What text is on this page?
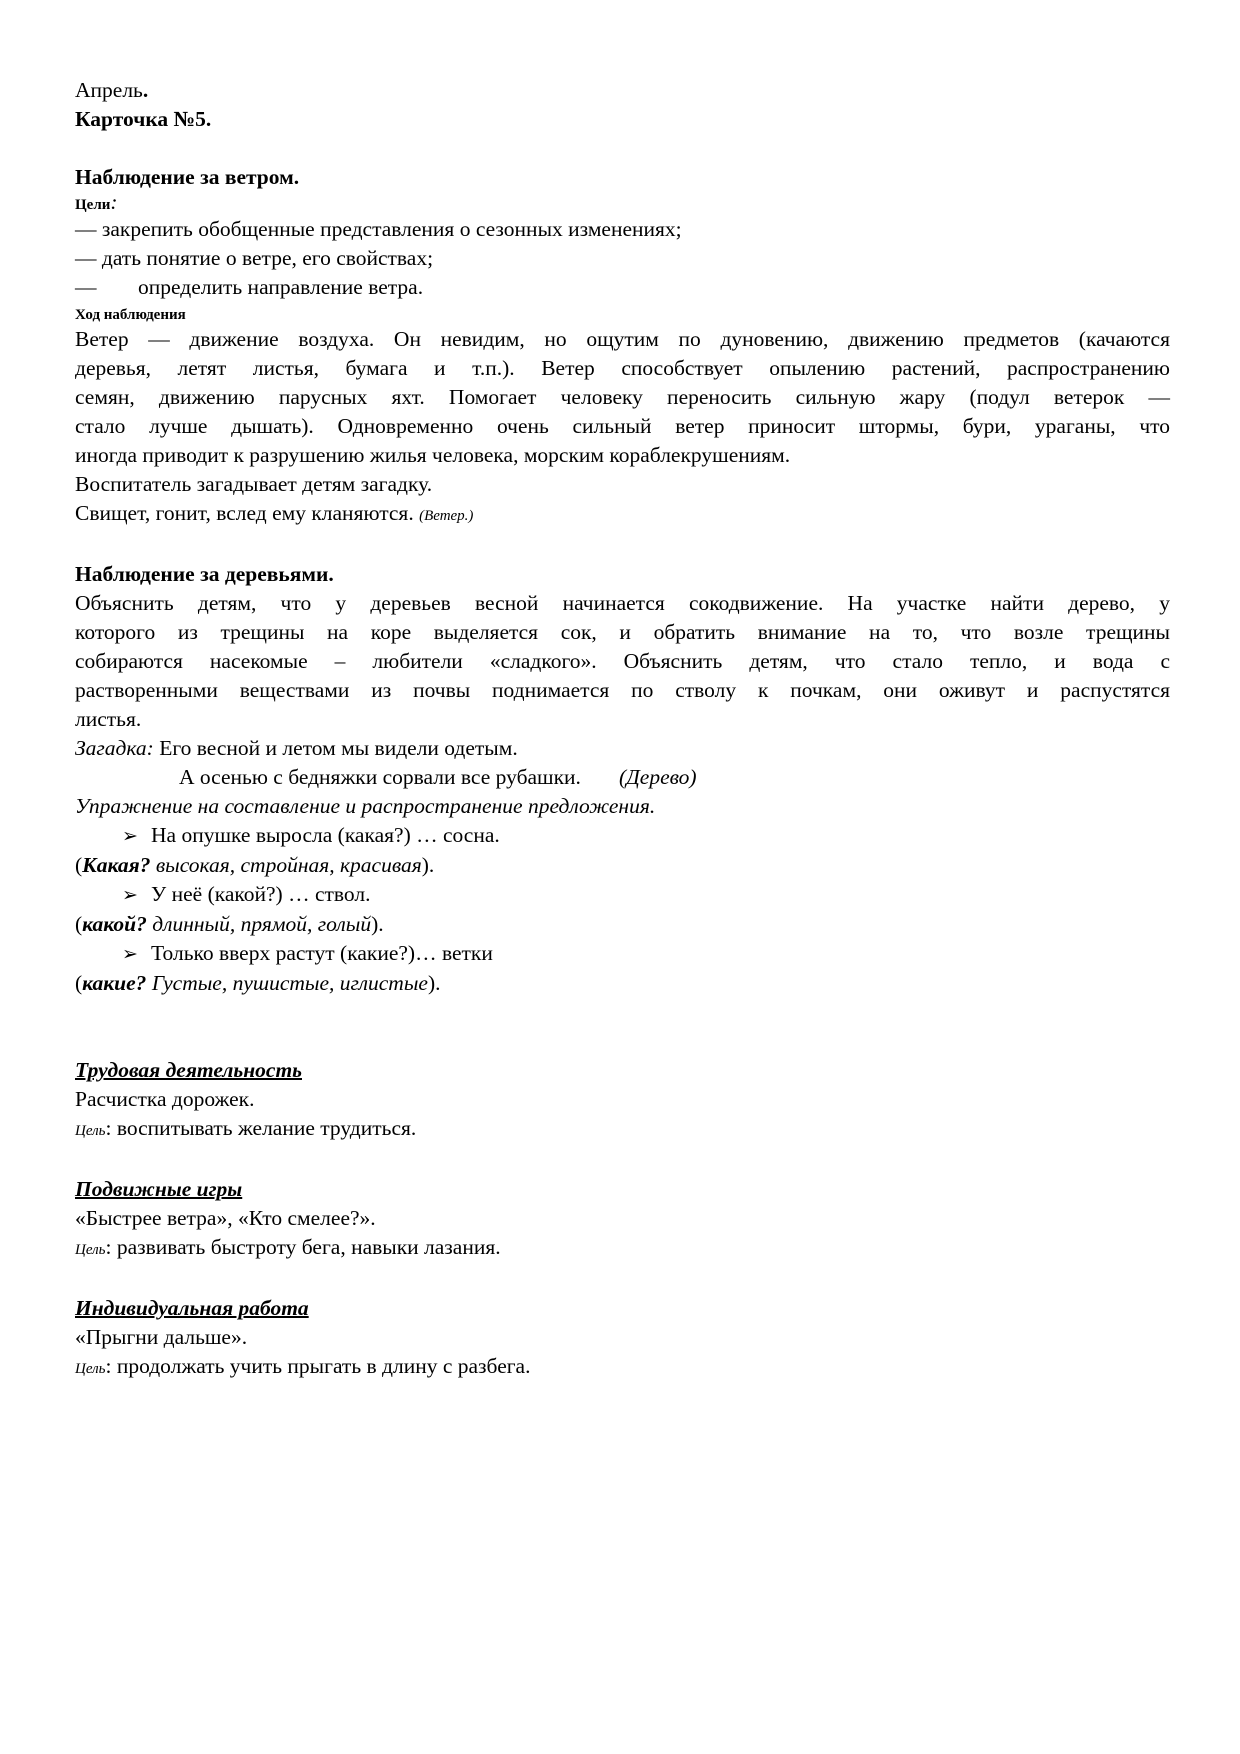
Апрель.
Карточка №5.
Наблюдение за ветром.
Цели:
— закрепить обобщенные представления о сезонных изменениях;
— дать понятие о ветре, его свойствах;
— определить направление ветра.
Ход наблюдения
Ветер — движение воздуха. Он невидим, но ощутим по дуновению, движению предметов (качаются
деревья, летят листья, бумага и т.п.). Ветер способствует опылению растений, распространению
семян, движению парусных яхт. Помогает человеку переносить сильную жару (подул ветерок —
стало лучше дышать). Одновременно очень сильный ветер приносит штормы, бури, ураганы, что
иногда приводит к разрушению жилья человека, морским кораблекрушениям.
Воспитатель загадывает детям загадку.
Свищет, гонит, вслед ему кланяются. (Ветер.)
Наблюдение за деревьями.
Объяснить детям, что у деревьев весной начинается сокодвижение. На участке найти дерево, у
которого из трещины на коре выделяется сок, и обратить внимание на то, что возле трещины
собираются насекомые – любители «сладкого». Объяснить детям, что стало тепло, и вода с
растворенными веществами из почвы поднимается по стволу к почкам, они оживут и распустятся
листья.
Загадка: Его весной и летом мы видели одетым.
А осенью с бедняжки сорвали все рубашки. (Дерево)
Упражнение на составление и распространение предложения.
➢ На опушке выросла (какая?) … сосна.
(Какая? высокая, стройная, красивая).
➢ У неё (какой?) … ствол.
(какой? длинный, прямой, голый).
➢ Только вверх растут (какие?)… ветки
(какие? Густые, пушистые, иглистые).
Трудовая деятельность
Расчистка дорожек.
Цель: воспитывать желание трудиться.
Подвижные игры
«Быстрее ветра», «Кто смелее?».
Цель: развивать быстроту бега, навыки лазания.
Индивидуальная работа
«Прыгни дальше».
Цель: продолжать учить прыгать в длину с разбега.
